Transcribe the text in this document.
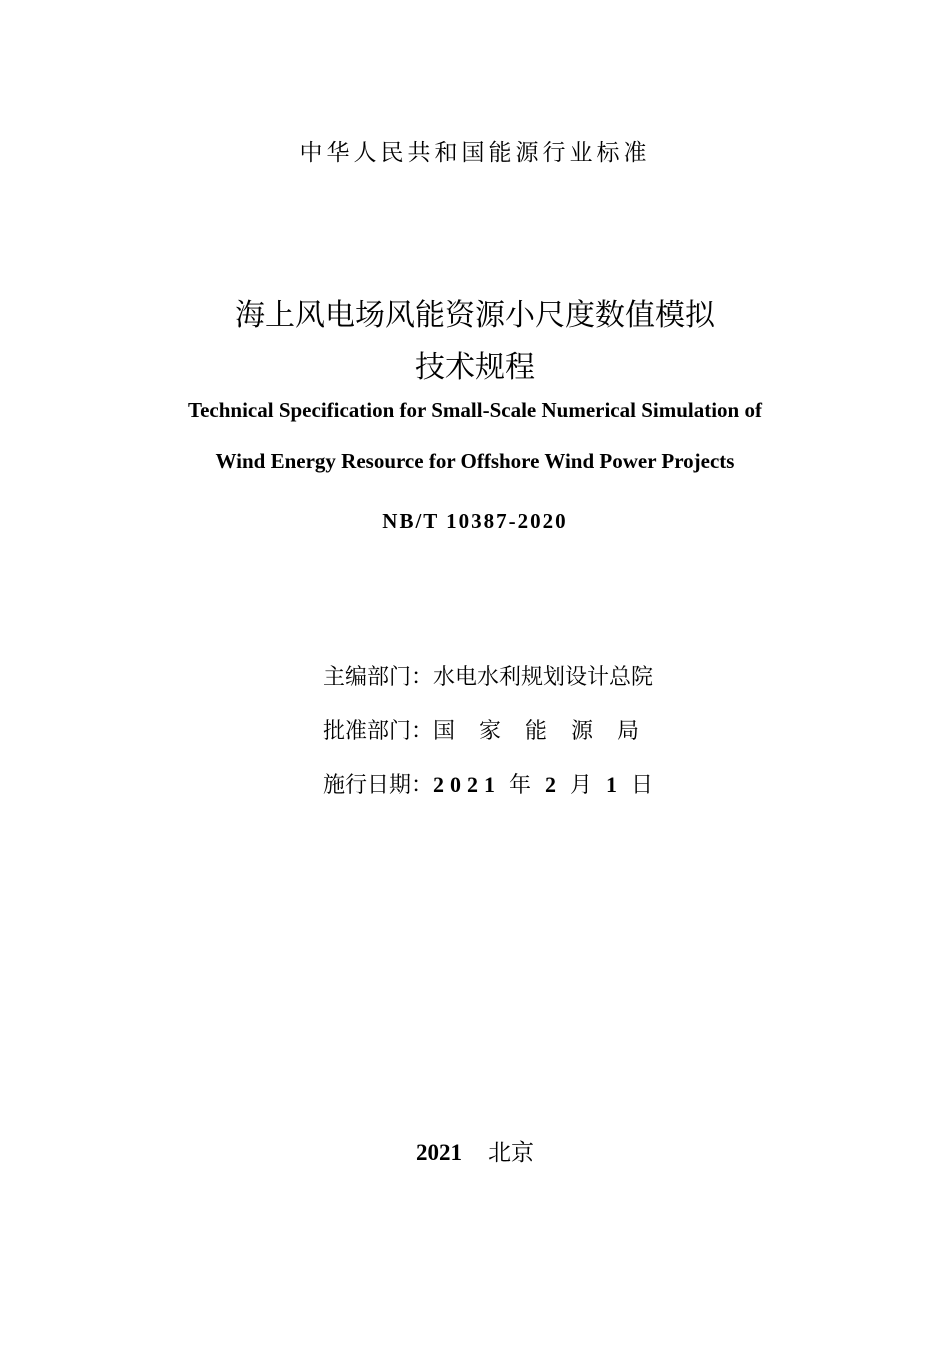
中华人民共和国能源行业标准
海上风电场风能资源小尺度数值模拟
技术规程
Technical Specification for Small-Scale Numerical Simulation of
Wind Energy Resource for Offshore Wind Power Projects
NB/T 10387-2020
主编部门：水电水利规划设计总院
批准部门：国家能源局
施行日期：2021 年 2 月 1 日
2021 北京
